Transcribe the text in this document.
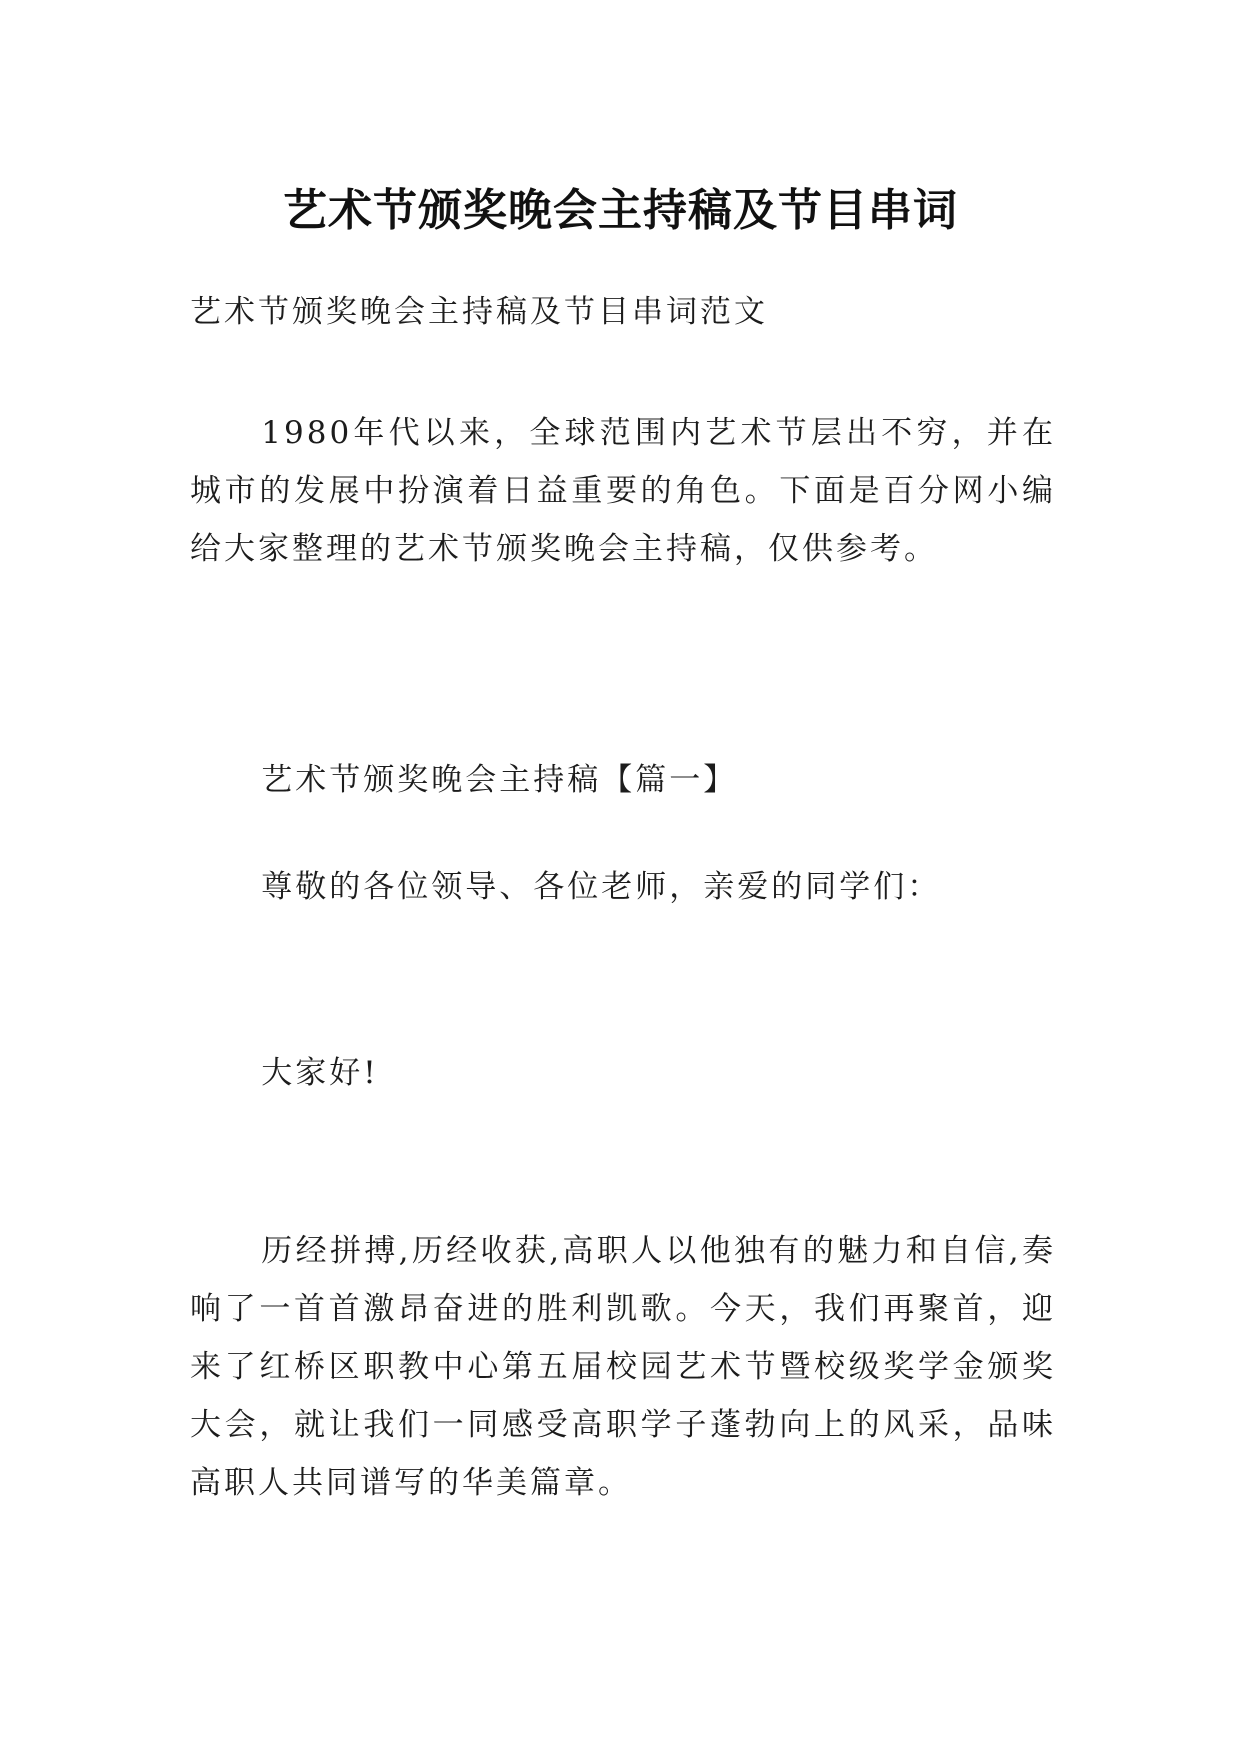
艺术节颁奖晚会主持稿及节目串词

艺术节颁奖晚会主持稿及节目串词范文

1980年代以来，全球范围内艺术节层出不穷，并在城市的发展中扮演着日益重要的角色。下面是百分网小编给大家整理的艺术节颁奖晚会主持稿，仅供参考。

艺术节颁奖晚会主持稿【篇一】

尊敬的各位领导、各位老师，亲爱的同学们：

大家好!

历经拼搏,历经收获,高职人以他独有的魅力和自信,奏响了一首首激昂奋进的胜利凯歌。今天，我们再聚首，迎来了红桥区职教中心第五届校园艺术节暨校级奖学金颁奖大会，就让我们一同感受高职学子蓬勃向上的风采，品味高职人共同谱写的华美篇章。
